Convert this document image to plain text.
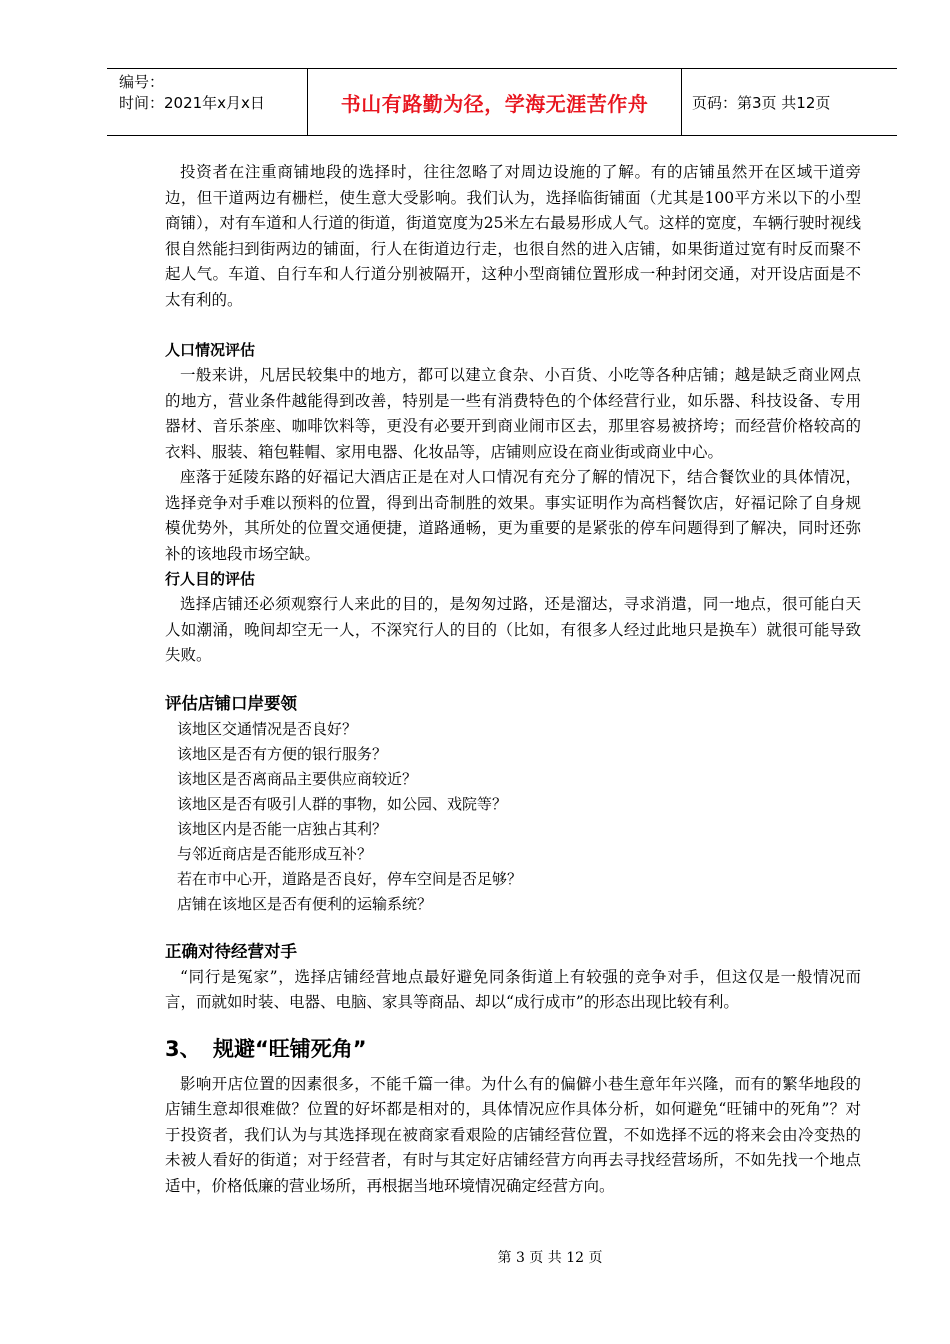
编号：
时间：2021年x月x日	书山有路勤为径，学海无涯苦作舟	页码：第3页 共12页

投资者在注重商铺地段的选择时，往往忽略了对周边设施的了解。有的店铺虽然开在区域干道旁边，但干道两边有栅栏，使生意大受影响。我们认为，选择临街铺面（尤其是100平方米以下的小型商铺），对有车道和人行道的街道，街道宽度为25米左右最易形成人气。这样的宽度，车辆行驶时视线很自然能扫到街两边的铺面，行人在街道边行走，也很自然的进入店铺，如果街道过宽有时反而聚不起人气。车道、自行车和人行道分别被隔开，这种小型商铺位置形成一种封闭交通，对开设店面是不太有利的。

人口情况评估

一般来讲，凡居民较集中的地方，都可以建立食杂、小百货、小吃等各种店铺；越是缺乏商业网点的地方，营业条件越能得到改善，特别是一些有消费特色的个体经营行业，如乐器、科技设备、专用器材、音乐茶座、咖啡饮料等，更没有必要开到商业闹市区去，那里容易被挤垮；而经营价格较高的衣料、服装、箱包鞋帽、家用电器、化妆品等，店铺则应设在商业街或商业中心。

座落于延陵东路的好福记大酒店正是在对人口情况有充分了解的情况下，结合餐饮业的具体情况，选择竞争对手难以预料的位置，得到出奇制胜的效果。事实证明作为高档餐饮店，好福记除了自身规模优势外，其所处的位置交通便捷，道路通畅，更为重要的是紧张的停车问题得到了解决，同时还弥补的该地段市场空缺。

行人目的评估

选择店铺还必须观察行人来此的目的，是匆匆过路，还是溜达，寻求消遣，同一地点，很可能白天人如潮涌，晚间却空无一人，不深究行人的目的（比如，有很多人经过此地只是换车）就很可能导致失败。

评估店铺口岸要领
该地区交通情况是否良好？
该地区是否有方便的银行服务？
该地区是否离商品主要供应商较近？
该地区是否有吸引人群的事物，如公园、戏院等？
该地区内是否能一店独占其利？
与邻近商店是否能形成互补？
若在市中心开，道路是否良好，停车空间是否足够？
店铺在该地区是否有便利的运输系统？
正确对待经营对手

“同行是冤家”，选择店铺经营地点最好避免同条街道上有较强的竞争对手，但这仅是一般情况而言，而就如时装、电器、电脑、家具等商品、却以“成行成市”的形态出现比较有利。

3、 规避“旺铺死角”

影响开店位置的因素很多，不能千篇一律。为什么有的偏僻小巷生意年年兴隆，而有的繁华地段的店铺生意却很难做？位置的好坏都是相对的，具体情况应作具体分析，如何避免“旺铺中的死角”？对于投资者，我们认为与其选择现在被商家看艰险的店铺经营位置，不如选择不远的将来会由冷变热的未被人看好的街道；对于经营者，有时与其定好店铺经营方向再去寻找经营场所，不如先找一个地点适中，价格低廉的营业场所，再根据当地环境情况确定经营方向。

第 3 页 共 12 页
